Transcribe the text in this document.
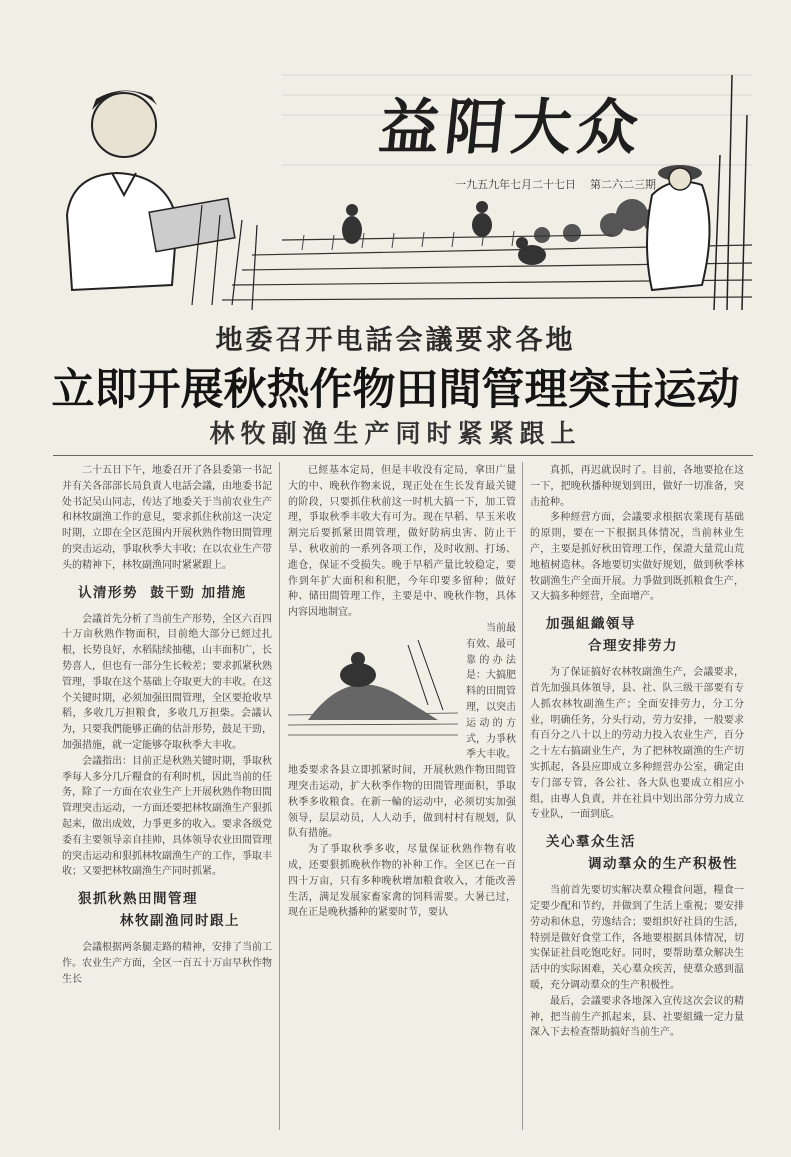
益阳大众
一九五九年七月二十七日 第二六二三期
地委召开电話会議要求各地
立即开展秋热作物田間管理突击运动
林牧副渔生产同时紧紧跟上

二十五日下午，地委召开了各县委第一书記并有关各部部长局負責人电話会議，由地委书記处书記吴山同志，传达了地委关于当前农业生产和林牧副渔工作的意見，要求抓住秋前这一决定时期，立即在全区范围内开展秋熟作物田間管理的突击运动，爭取秋季大丰收；在以农业生产带头的精神下，林牧副渔同时紧紧跟上。

认清形势 鼓干勁 加措施

会議首先分析了当前生产形势，全区六百四十万亩秋熟作物面积，目前绝大部分已經过扎根，长势良好，水稻陆续抽穗，山丰面积广，长势喜人，但也有一部分生长較差；要求抓紧秋熟管理，爭取在这个基础上夺取更大的丰收。在这个关键时期，必须加强田間管理，全区要抢收早稻，多收几万担粮食，多收几万担柴。会議认为，只要我們能够正确的估計形势，鼓足干勁，加强措施，就一定能够夺取秋季大丰收。

会議指出：目前正是秋熟关键时期，爭取秋季每人多分几斤糧食的有利时机，因此当前的任务，除了一方面在农业生产上开展秋熟作物田間管理突击运动，一方面还要把林牧副渔生产狠抓起来，做出成效，力爭更多的收入。要求各级党委有主要领导亲自挂帅，具体领导农业田間管理的突击运动和狠抓林牧副渔生产的工作，爭取丰收；又要把林牧副渔生产同时抓紧。

狠抓秋熟田間管理
林牧副渔同时跟上

会議根据两条腿走路的精神，安排了当前工作。农业生产方面，全区一百五十万亩早秋作物生长

已經基本定局，但是丰收没有定局，拿田广量大的中、晚秋作物来说，现正处在生长发育最关键的阶段，只要抓住秋前这一时机大搞一下，加工管理，爭取秋季丰收大有可为。现在早稻、早玉米收割完后要抓紧田間管理，做好防病虫害、防止干旱、秋收前的一系列各项工作，及时收割、打场、進仓，保证不受损失。晚于早稻产量比较稳定，要作到年扩大面积和积肥，今年印要多留种；做好种、储田間管理工作，主要是中、晚秋作物，具体内容因地制宜。

当前最有效、最可靠的办法是：大搞肥料的田間管理，以突击运动的方式，力爭秋季大丰收。地委要求各县立即抓紧时间，开展秋熟作物田間管理突击运动，扩大秋季作物的田間管理面积，爭取秋季多收粮食。在新一輪的运动中，必须切实加强领导，层层动员，人人动手，做到村村有规划，队队有措施。

为了爭取秋季多收，尽量保证秋熟作物有收成，还要狠抓晚秋作物的补种工作。全区已在一百四十万亩，只有多种晚秋增加粮食收入，才能改善生活，满足发展家畜家禽的饲料需要。大暑已过，现在正是晚秋播种的紧要时节，要认

真抓，再迟就误时了。目前，各地要抢在这一下，把晚秋播种规划到田，做好一切准备，突击抢种。

多种經营方面，会議要求根据农業现有基础的原則，要在一下根据具体情况，当前林业生产，主要是抓好秋田管理工作，保證大量荒山荒地植树造林。各地要切实做好规划，做到秋季林牧副渔生产全面开展。力爭做到既抓粮食生产，又大搞多种經营，全面增产。

加强組織領导
合理安排劳力

为了保证搞好农林牧副渔生产，会議要求，首先加强具体領导，县、社、队三级干部要有专人抓农林牧副渔生产；全面安排劳力，分工分业，明确任务，分头行动，劳力安排，一般要求有百分之八十以上的劳动力投入农业生产，百分之十左右搞副业生产，为了把林牧副渔的生产切实抓起，各县应即成立多种經营办公室，确定由专门部专管，各公社、各大队也要成立相应小组，由專人負責，并在社員中划出部分劳力成立专业队，一面到底。

关心羣众生活
调动羣众的生产积极性

当前首先要切实解决羣众糧食问题，糧食一定要少配和节约，并做到了生活上重視；要安排劳动和休息，劳逸结合；要组织好社員的生活，特别是做好食堂工作，各地要根据具体情况，切实保证社員吃饱吃好。同时，要帮助羣众解决生活中的实际困难，关心羣众疾苦，使羣众感到温暖，充分调动羣众的生产积极性。

最后，会議要求各地深入宣传这次会议的精神，把当前生产抓起来，县、社要組織一定力量深入下去检查帮助搞好当前生产。
